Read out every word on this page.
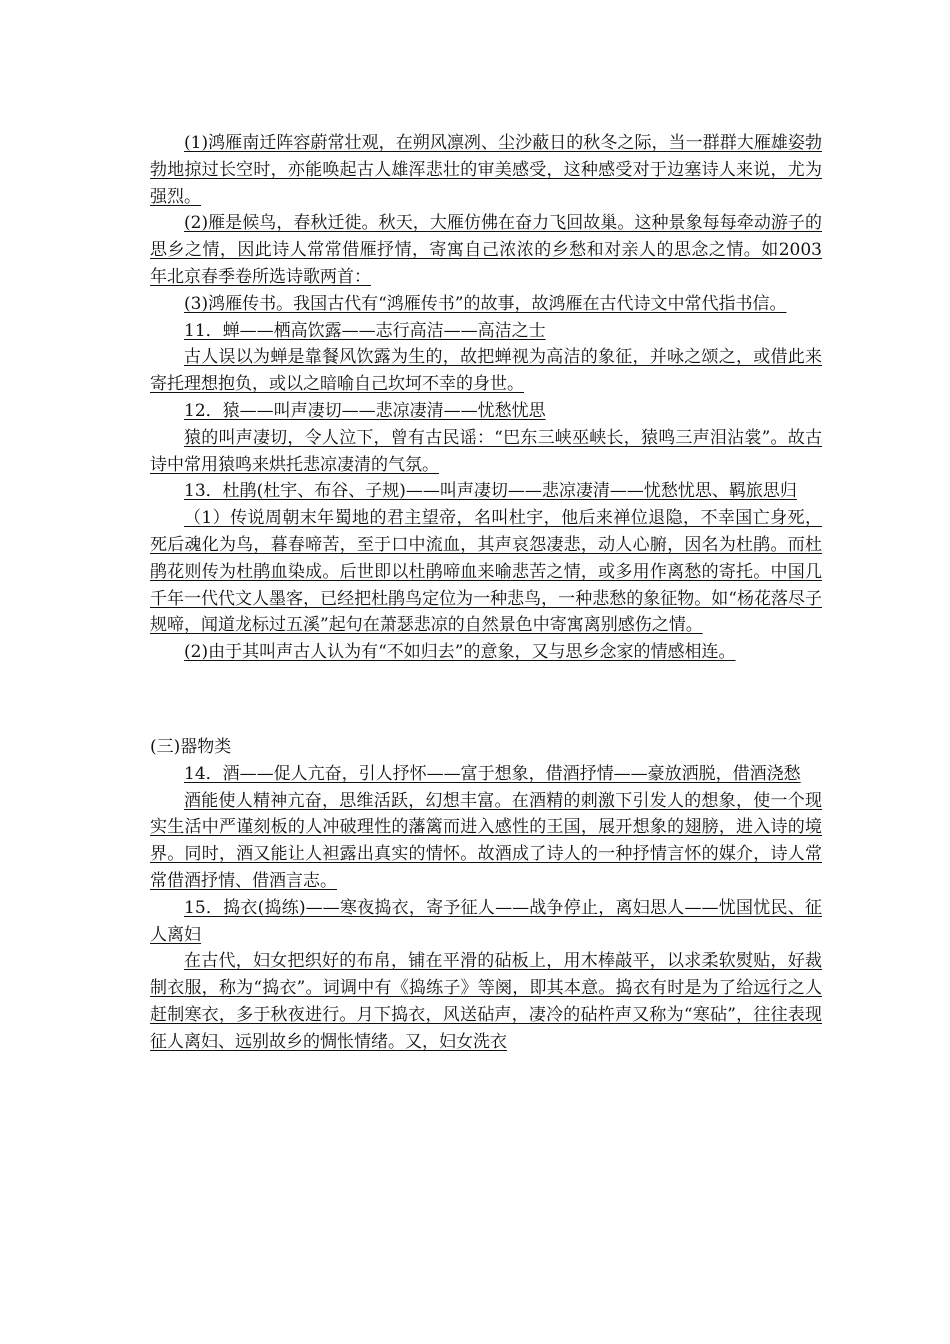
(1)鸿雁南迁阵容蔚常壮观，在朔风凛冽、尘沙蔽日的秋冬之际，当一群群大雁雄姿勃勃地掠过长空时，亦能唤起古人雄浑悲壮的审美感受，这种感受对于边塞诗人来说，尤为强烈。

(2)雁是候鸟，春秋迁徙。秋天，大雁仿佛在奋力飞回故巢。这种景象每每牵动游子的思乡之情，因此诗人常常借雁抒情，寄寓自己浓浓的乡愁和对亲人的思念之情。如2003年北京春季卷所选诗歌两首：

(3)鸿雁传书。我国古代有“鸿雁传书”的故事，故鸿雁在古代诗文中常代指书信。

11．蝉——栖高饮露——志行高洁——高洁之士

古人误以为蝉是靠餐风饮露为生的，故把蝉视为高洁的象征，并咏之颂之，或借此来寄托理想抱负，或以之暗喻自己坎坷不幸的身世。

12．猿——叫声凄切——悲凉凄清——忧愁忧思

猿的叫声凄切，令人泣下，曾有古民谣：“巴东三峡巫峡长，猿鸣三声泪沾裳”。故古诗中常用猿鸣来烘托悲凉凄清的气氛。

13．杜鹃(杜宇、布谷、子规)——叫声凄切——悲凉凄清——忧愁忧思、羁旅思归

（1）传说周朝末年蜀地的君主望帝，名叫杜宇，他后来禅位退隐，不幸国亡身死，死后魂化为鸟，暮春啼苦，至于口中流血，其声哀怨凄悲，动人心腑，因名为杜鹃。而杜鹃花则传为杜鹃血染成。后世即以杜鹃啼血来喻悲苦之情，或多用作离愁的寄托。中国几千年一代代文人墨客，已经把杜鹃鸟定位为一种悲鸟，一种悲愁的象征物。如“杨花落尽子规啼，闻道龙标过五溪”起句在萧瑟悲凉的自然景色中寄寓离别感伤之情。

(2)由于其叫声古人认为有“不如归去”的意象，又与思乡念家的情感相连。

(三)器物类

14．酒——促人亢奋，引人抒怀——富于想象，借酒抒情——豪放洒脱，借酒浇愁

酒能使人精神亢奋，思维活跃，幻想丰富。在酒精的刺激下引发人的想象，使一个现实生活中严谨刻板的人冲破理性的藩篱而进入感性的王国，展开想象的翅膀，进入诗的境界。同时，酒又能让人袒露出真实的情怀。故酒成了诗人的一种抒情言怀的媒介，诗人常常借酒抒情、借酒言志。

15．捣衣(捣练)——寒夜捣衣，寄予征人——战争停止，离妇思人——忧国忧民、征人离妇

在古代，妇女把织好的布帛，铺在平滑的砧板上，用木棒敲平，以求柔软熨贴，好裁制衣服，称为“捣衣”。词调中有《捣练子》等阕，即其本意。捣衣有时是为了给远行之人赶制寒衣，多于秋夜进行。月下捣衣，风送砧声，凄冷的砧杵声又称为“寒砧”，往往表现征人离妇、远别故乡的惆怅情绪。又，妇女洗衣
